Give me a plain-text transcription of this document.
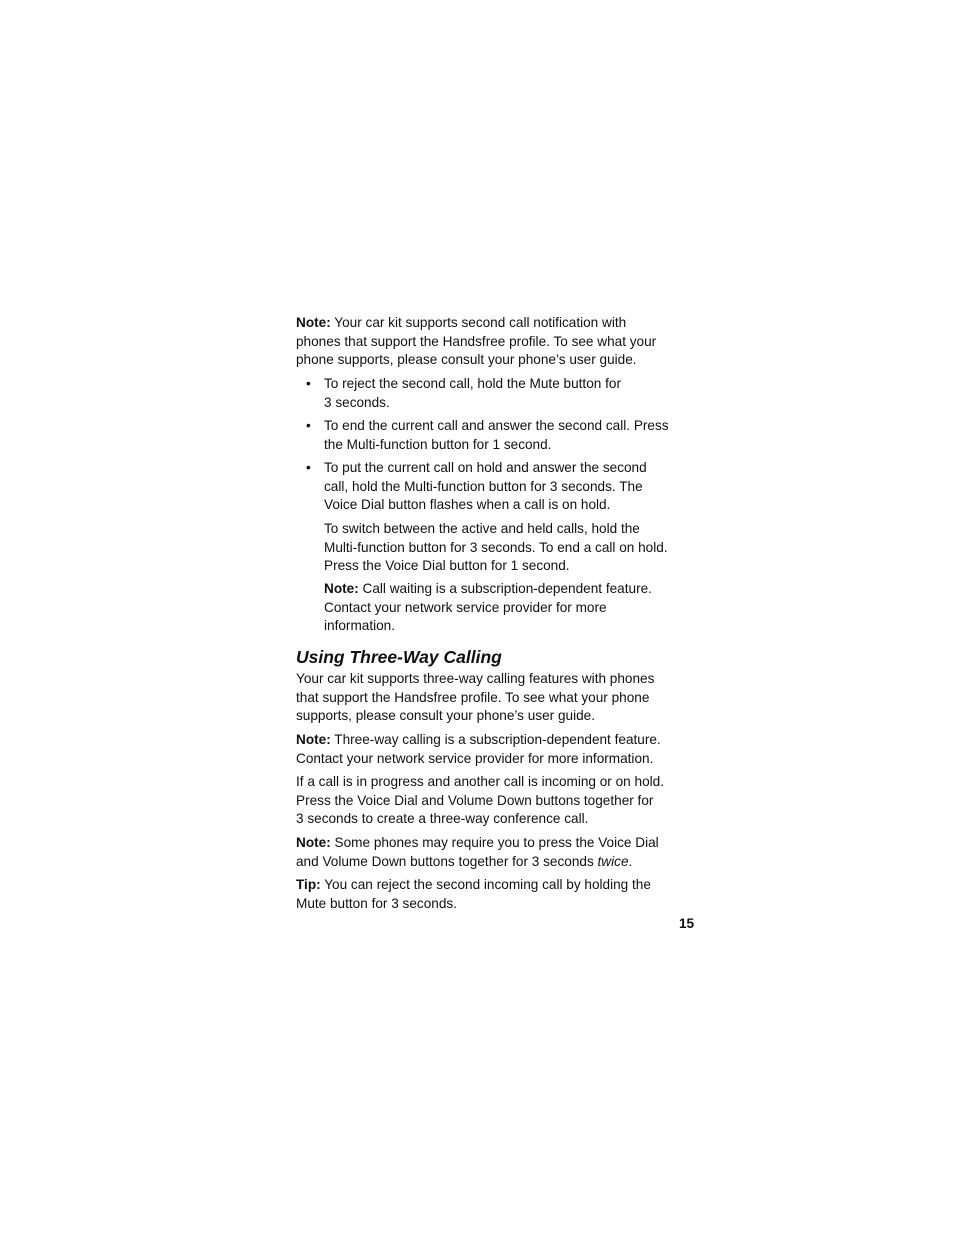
Note: Your car kit supports second call notification with
phones that support the Handsfree profile. To see what your
phone supports, please consult your phone’s user guide.

• To reject the second call, hold the Mute button for
3 seconds.

• To end the current call and answer the second call. Press
the Multi-function button for 1 second.

• To put the current call on hold and answer the second
call, hold the Multi-function button for 3 seconds. The
Voice Dial button flashes when a call is on hold.

To switch between the active and held calls, hold the
Multi-function button for 3 seconds. To end a call on hold.
Press the Voice Dial button for 1 second.

Note: Call waiting is a subscription-dependent feature.
Contact your network service provider for more
information.

Using Three-Way Calling

Your car kit supports three-way calling features with phones
that support the Handsfree profile. To see what your phone
supports, please consult your phone’s user guide.

Note: Three-way calling is a subscription-dependent feature.
Contact your network service provider for more information.

If a call is in progress and another call is incoming or on hold.
Press the Voice Dial and Volume Down buttons together for
3 seconds to create a three-way conference call.

Note: Some phones may require you to press the Voice Dial
and Volume Down buttons together for 3 seconds twice.

Tip: You can reject the second incoming call by holding the
Mute button for 3 seconds.

15
